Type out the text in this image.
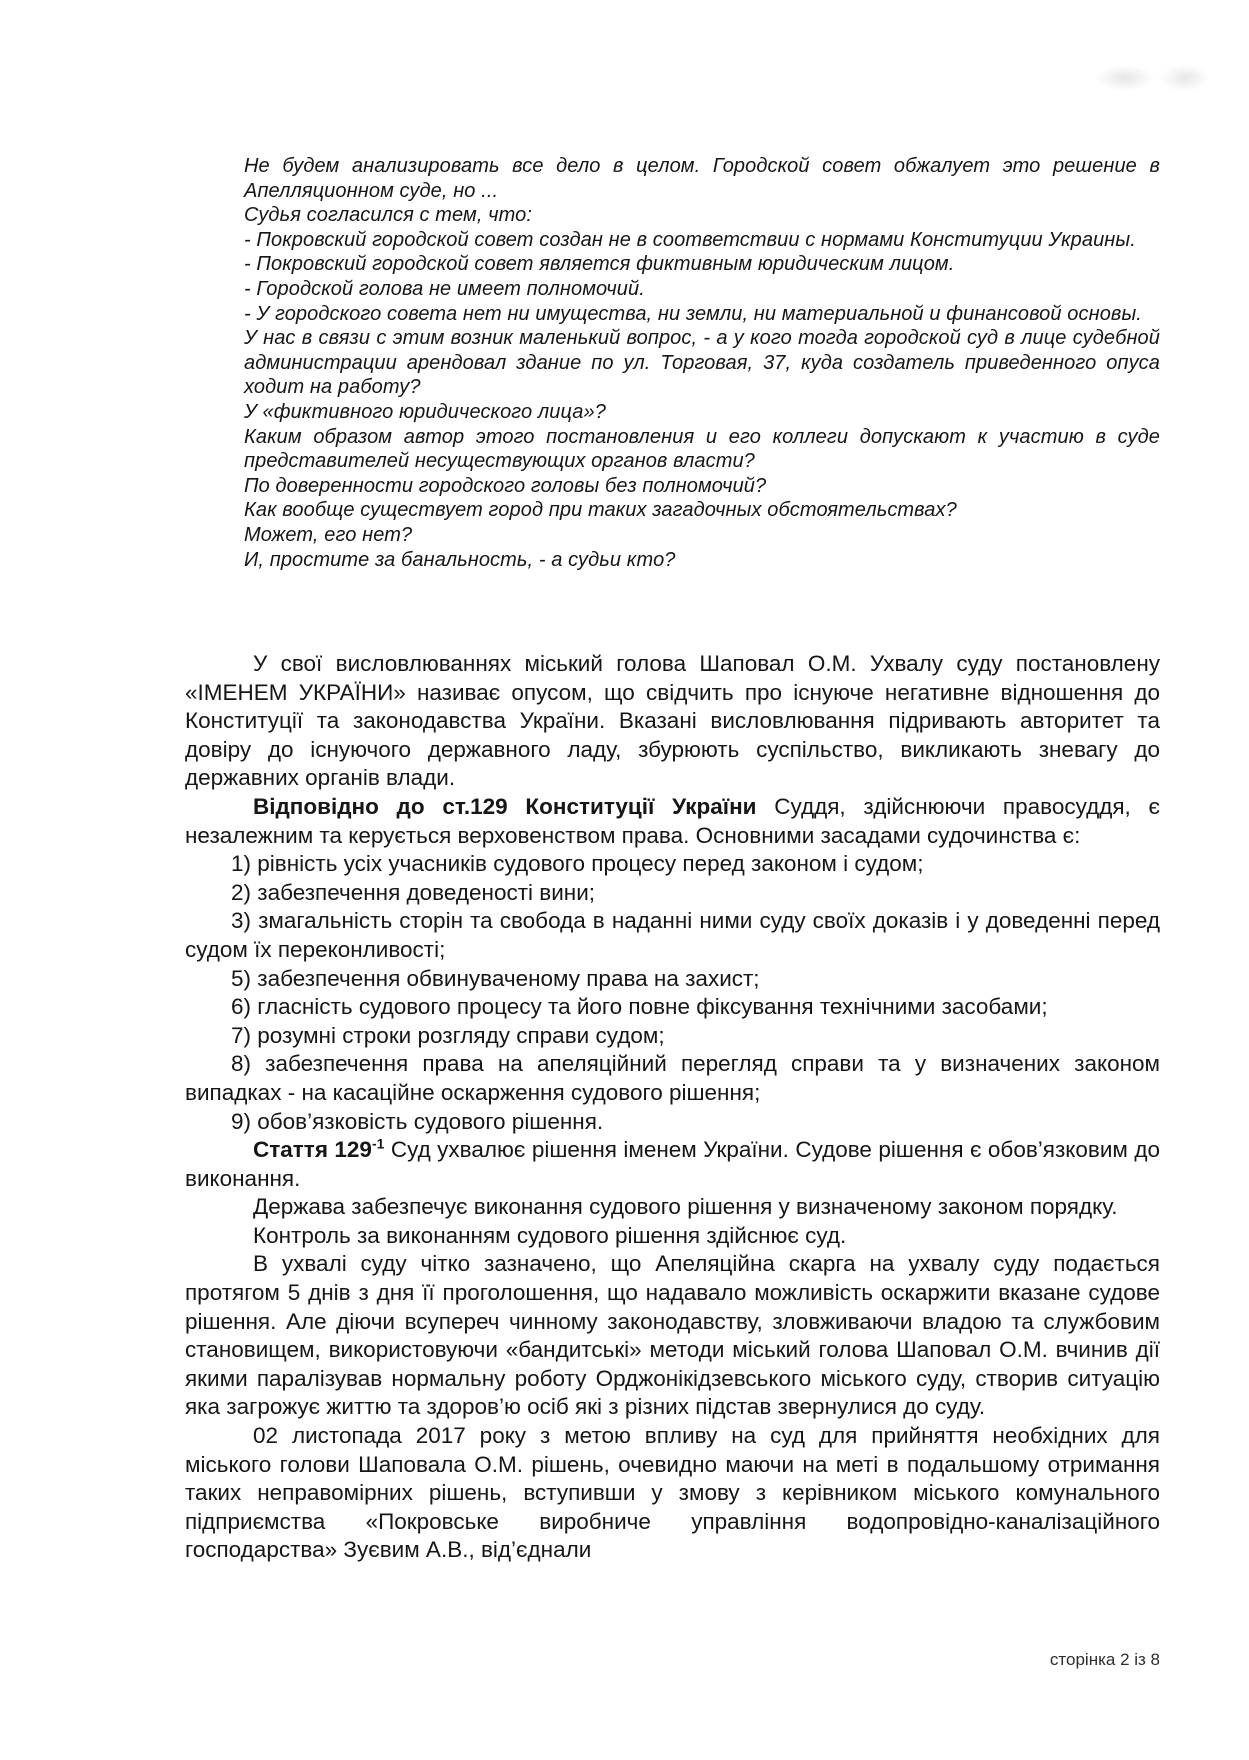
Не будем анализировать все дело в целом. Городской совет обжалует это решение в Апелляционном суде, но ...

Судья согласился с тем, что:

- Покровский городской совет создан не в соответствии с нормами Конституции Украины.

- Покровский городской совет является фиктивным юридическим лицом.

- Городской голова не имеет полномочий.

- У городского совета нет ни имущества, ни земли, ни материальной и финансовой основы.

У нас в связи с этим возник маленький вопрос, - а у кого тогда городской суд в лице судебной администрации арендовал здание по ул. Торговая, 37, куда создатель приведенного опуса ходит на работу?

У «фиктивного юридического лица»?

Каким образом автор этого постановления и его коллеги допускают к участию в суде представителей несуществующих органов власти?

По доверенности городского головы без полномочий?

Как вообще существует город при таких загадочных обстоятельствах?

Может, его нет?

И, простите за банальность, - а судьи кто?

У свої висловлюваннях міський голова Шаповал О.М. Ухвалу суду постановлену «ІМЕНЕМ УКРАЇНИ» називає опусом, що свідчить про існуюче негативне відношення до Конституції та законодавства України. Вказані висловлювання підривають авторитет та довіру до існуючого державного ладу, збурюють суспільство, викликають зневагу до державних органів влади.

Відповідно до ст.129 Конституції України Суддя, здійснюючи правосуддя, є незалежним та керується верховенством права. Основними засадами судочинства є:

1) рівність усіх учасників судового процесу перед законом і судом;

2) забезпечення доведеності вини;

3) змагальність сторін та свобода в наданні ними суду своїх доказів і у доведенні перед судом їх переконливості;

5) забезпечення обвинуваченому права на захист;

6) гласність судового процесу та його повне фіксування технічними засобами;

7) розумні строки розгляду справи судом;

8) забезпечення права на апеляційний перегляд справи та у визначених законом випадках - на касаційне оскарження судового рішення;

9) обов’язковість судового рішення.

Стаття $129^{-1}$ Суд ухвалює рішення іменем України. Судове рішення є обов’язковим до виконання.

Держава забезпечує виконання судового рішення у визначеному законом порядку.

Контроль за виконанням судового рішення здійснює суд.

В ухвалі суду чітко зазначено, що Апеляційна скарга на ухвалу суду подається протягом 5 днів з дня її проголошення, що надавало можливість оскаржити вказане судове рішення. Але діючи всупереч чинному законодавству, зловживаючи владою та службовим становищем, використовуючи «бандитські» методи міський голова Шаповал О.М. вчинив дії якими паралізував нормальну роботу Орджонікідзевського міського суду, створив ситуацію яка загрожує життю та здоров’ю осіб які з різних підстав звернулися до суду.

02 листопада 2017 року з метою впливу на суд для прийняття необхідних для міського голови Шаповала О.М. рішень, очевидно маючи на меті в подальшому отримання таких неправомірних рішень, вступивши у змову з керівником міського комунального підприємства «Покровське виробниче управління водопровідно-каналізаційного господарства» Зуєвим А.В., від’єднали

сторінка 2 із 8
